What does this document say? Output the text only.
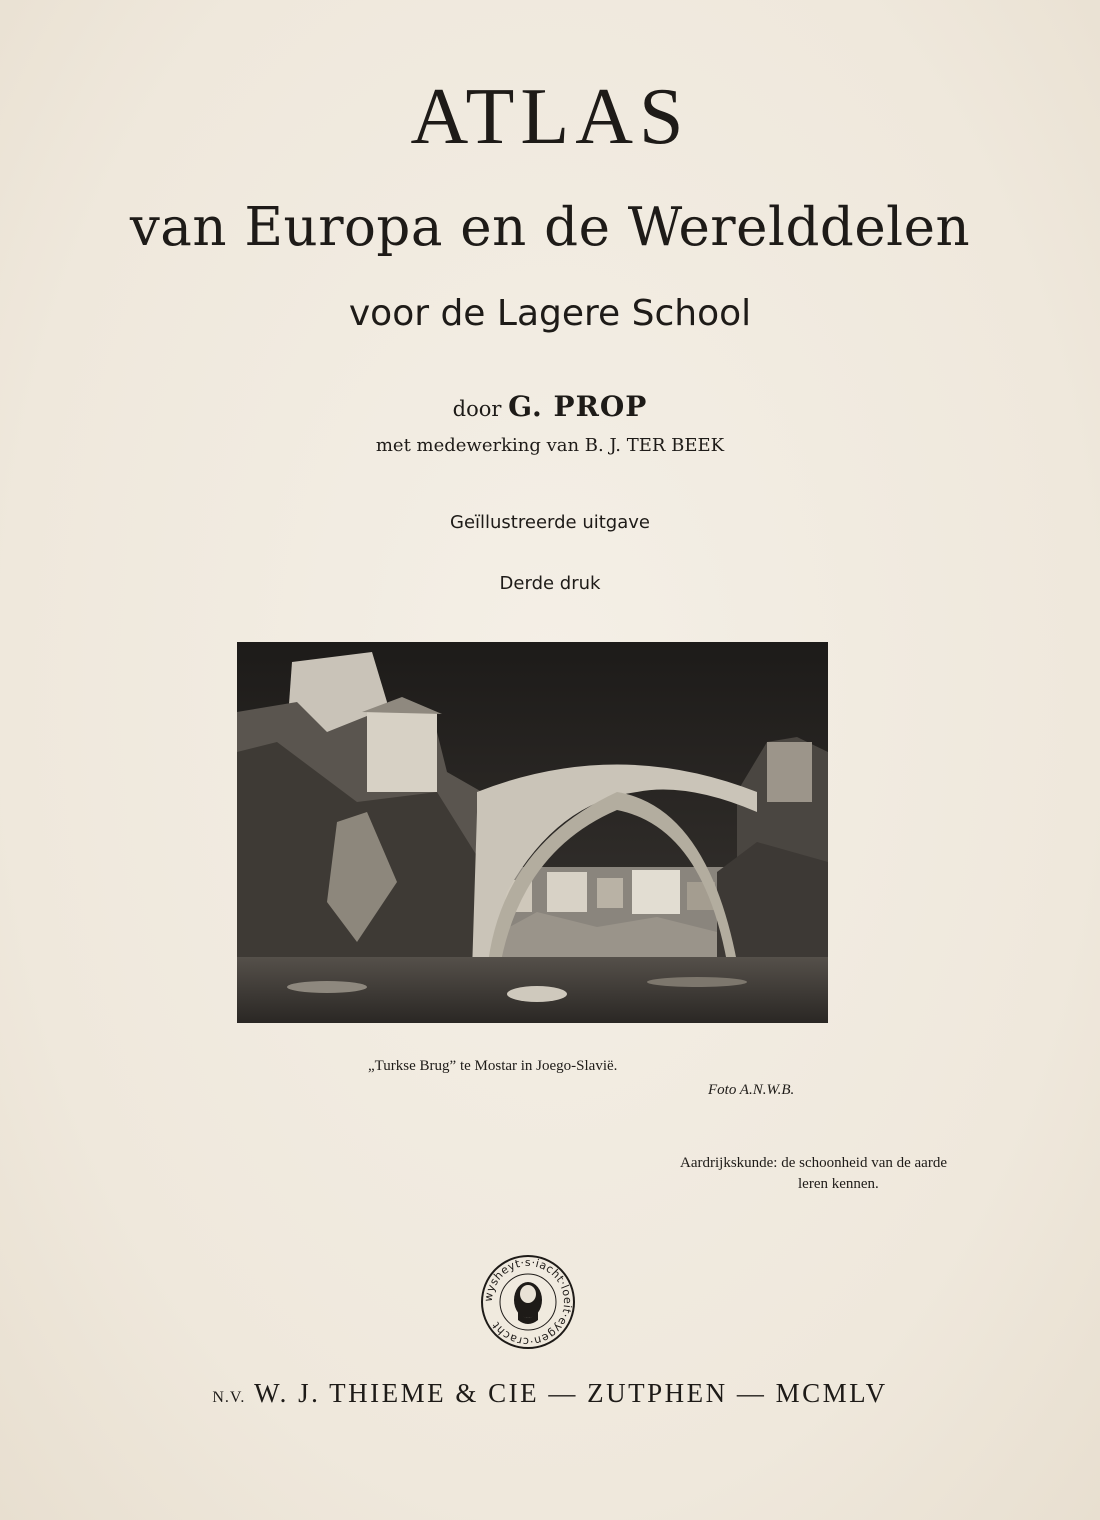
ATLAS
van Europa en de Werelddelen
voor de Lagere School
door G. PROP
met medewerking van B. J. TER BEEK
Geïllustreerde uitgave
Derde druk
„Turkse Brug” te Mostar in Joego-Slavië.
Foto A.N.W.B.
Aardrijkskunde: de schoonheid van de aarde
leren kennen.
wysheyt·s·iacht·loeit·eygen·cracht
N.V. W. J. THIEME & CIE — ZUTPHEN — MCMLV
